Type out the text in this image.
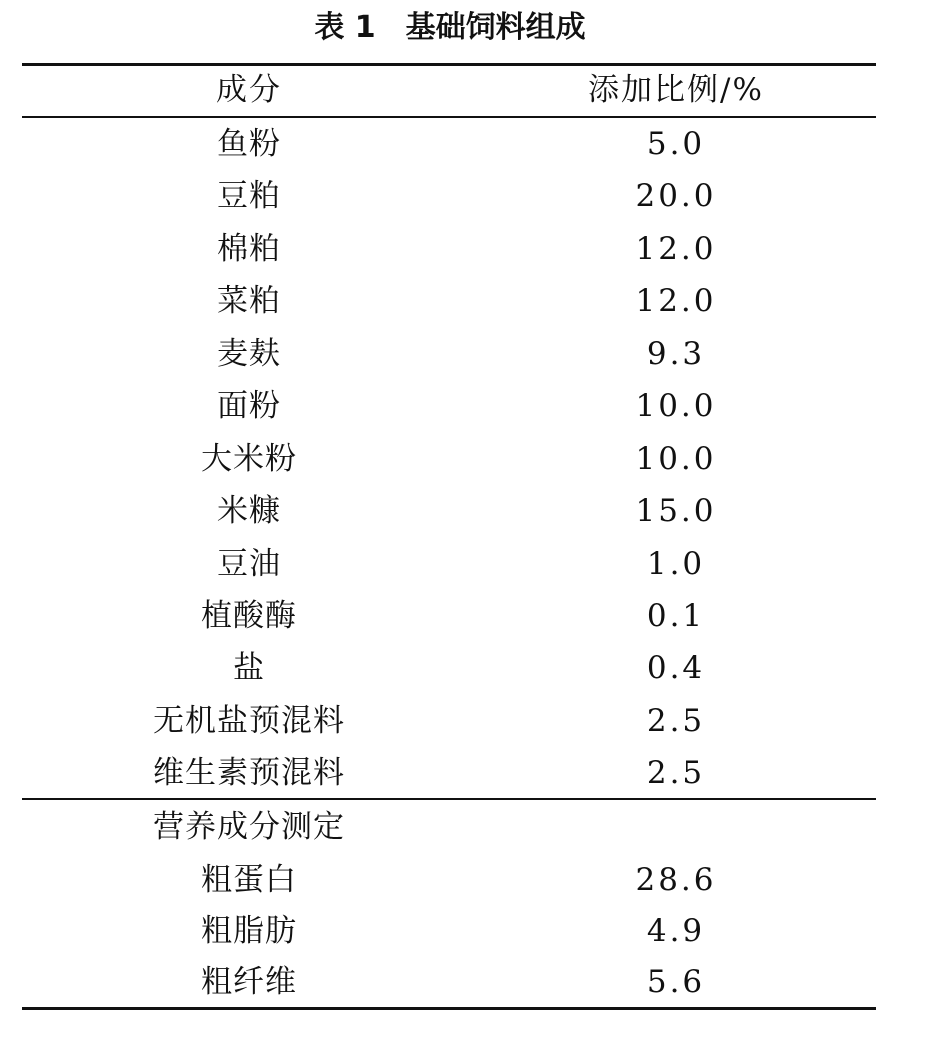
表 1 基础饲料组成
成分	添加比例/%
鱼粉	5.0
豆粕	20.0
棉粕	12.0
菜粕	12.0
麦麸	9.3
面粉	10.0
大米粉	10.0
米糠	15.0
豆油	1.0
植酸酶	0.1
盐	0.4
无机盐预混料	2.5
维生素预混料	2.5
营养成分测定
粗蛋白	28.6
粗脂肪	4.9
粗纤维	5.6
